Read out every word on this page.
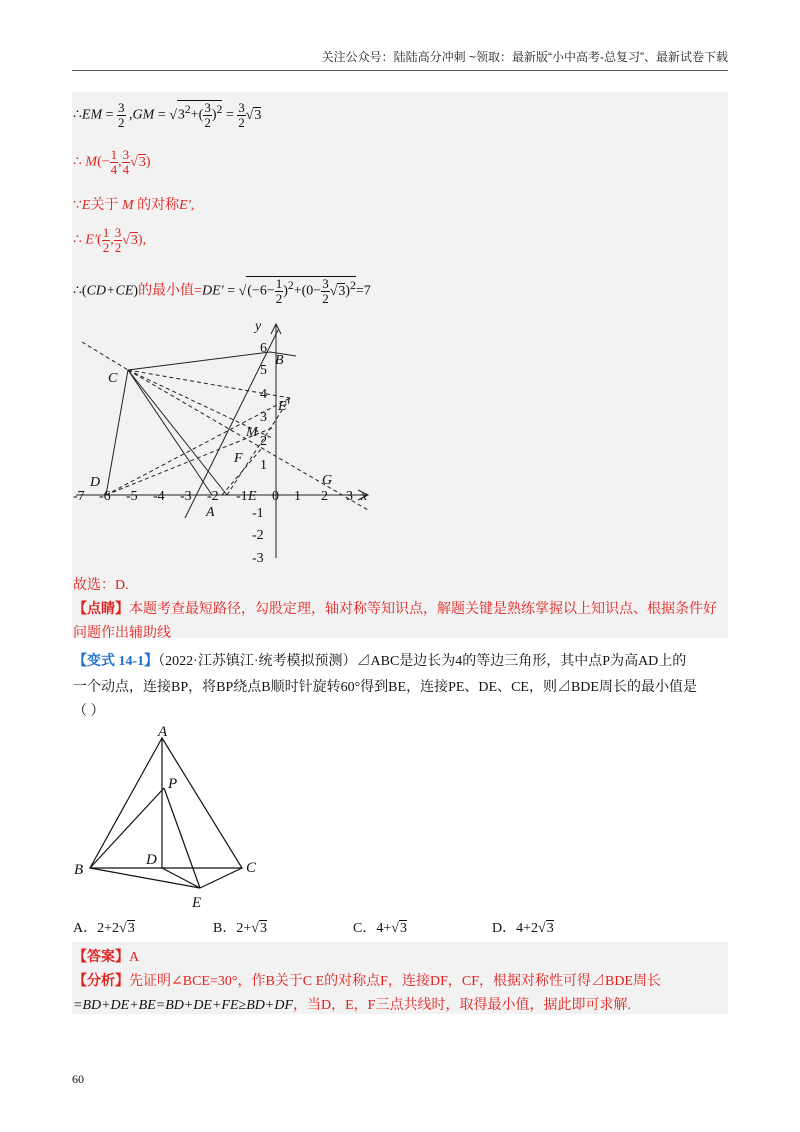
关注公众号：陆陆高分冲刺 ~领取：最新版“小中高考-总复习”、最新试卷下载
∴EM = $\frac{3}{2} ,GM$ = √ $3^2+( \frac{3}{2} )^2 = \frac{3}{2}$ √ 3
∴ $M(- \frac{1}{4}$ , $\frac{3}{4}$ √ 3)
∵E关于 M 的对称E′,
∴ $E'( \frac{1}{2}$ , $\frac{3}{2}$ √ 3),
∴(CD+CE)的最小值=DE′ = √ $(-6- \frac{1}{2} )^2+(0- \frac{3}{2}$ √ 3)$^2$=7
-7 -6 -5 -4 -3 -2 -1 0 1 2 3 x
6
5
4
3
2
1
-1
-2
-3
y
B
C
D
E
E′
M
F
G
A
故选：D.
【点睛】本题考查最短路径，勾股定理，轴对称等知识点，解题关键是熟练掌握以上知识点、根据条件好
问题作出辅助线
【变式 14-1】（2022·江苏镇江·统考模拟预测）⊿ABC是边长为4的等边三角形，其中点P为高AD上的
一个动点，连接BP，将BP绕点B顺时针旋转60°得到BE，连接PE、DE、CE，则⊿BDE周长的最小值是
（ ）
A
B	C
D
P
E
A．2+2 √ 3	B．2+ √ 3	C．4+ √ 3	D．4+2 √ 3
【答案】A
【分析】先证明∠BCE=30°，作B关于C E的对称点F，连接DF，CF，根据对称性可得⊿BDE周长
=BD+DE+BE=BD+DE+FE≥BD+DF，当D，E，F三点共线时，取得最小值，据此即可求解.
60
